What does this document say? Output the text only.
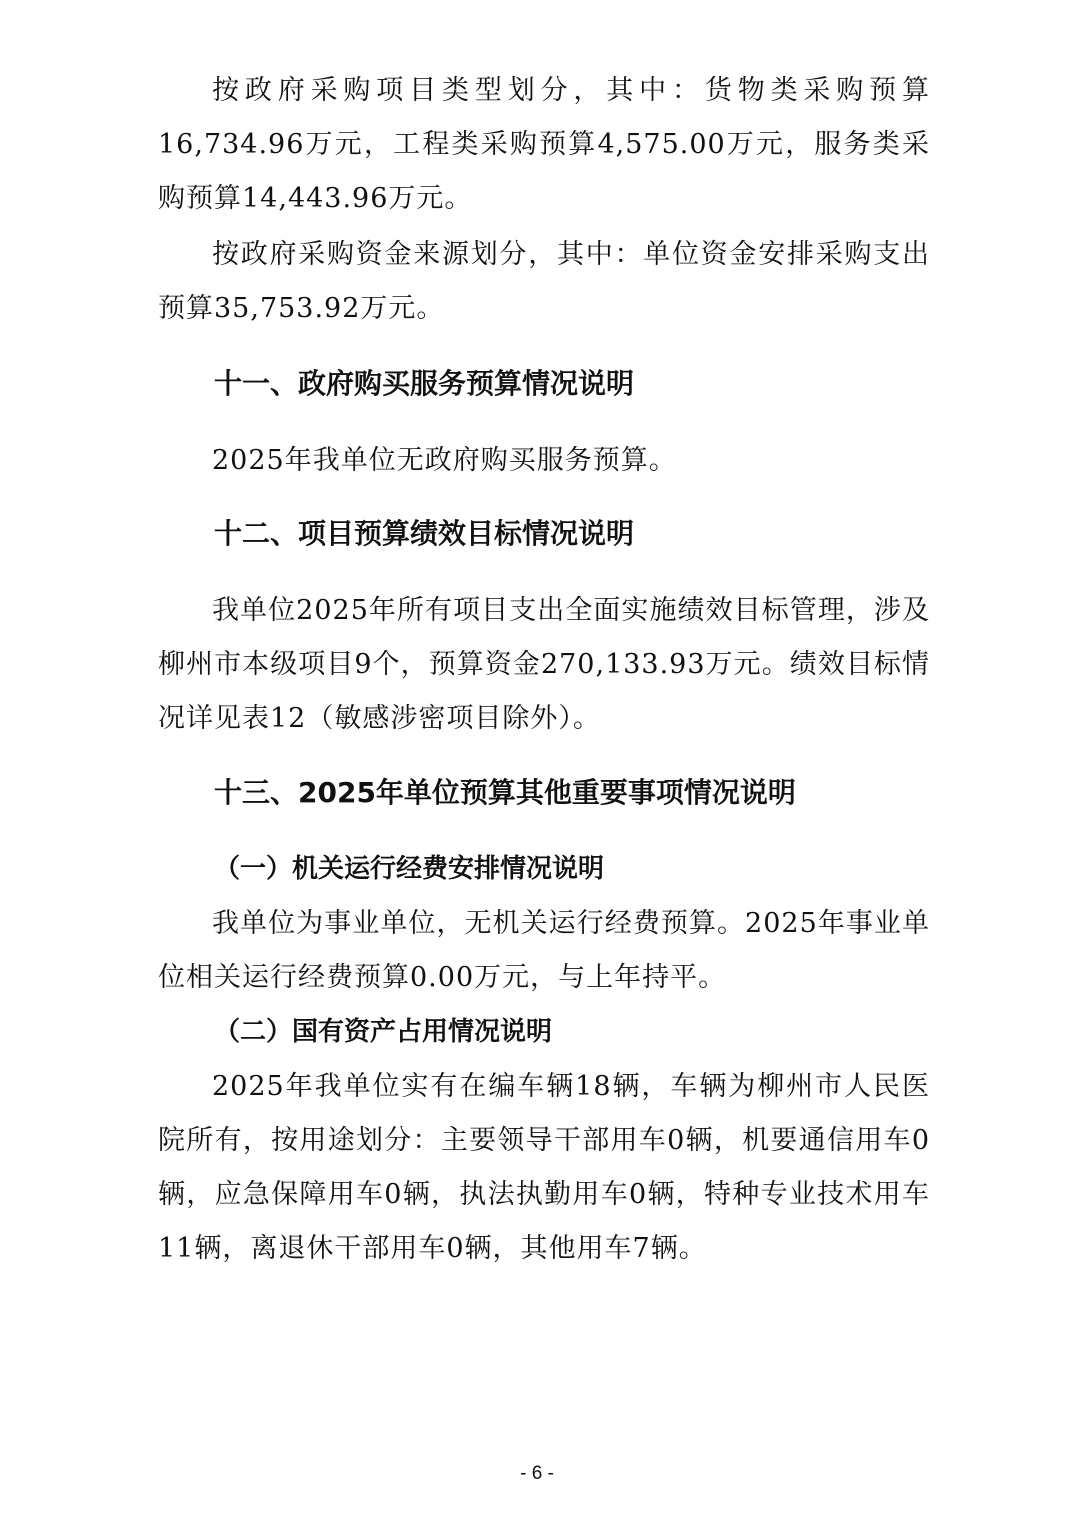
按政府采购项目类型划分，其中：货物类采购预算16,734.96万元，工程类采购预算4,575.00万元，服务类采购预算14,443.96万元。

按政府采购资金来源划分，其中：单位资金安排采购支出预算35,753.92万元。

十一、政府购买服务预算情况说明

2025年我单位无政府购买服务预算。

十二、项目预算绩效目标情况说明

我单位2025年所有项目支出全面实施绩效目标管理，涉及柳州市本级项目9个，预算资金270,133.93万元。绩效目标情况详见表12（敏感涉密项目除外）。

十三、2025年单位预算其他重要事项情况说明
（一）机关运行经费安排情况说明

我单位为事业单位，无机关运行经费预算。2025年事业单位相关运行经费预算0.00万元，与上年持平。

（二）国有资产占用情况说明

2025年我单位实有在编车辆18辆，车辆为柳州市人民医院所有，按用途划分：主要领导干部用车0辆，机要通信用车0辆，应急保障用车0辆，执法执勤用车0辆，特种专业技术用车11辆，离退休干部用车0辆，其他用车7辆。

- 6 -
